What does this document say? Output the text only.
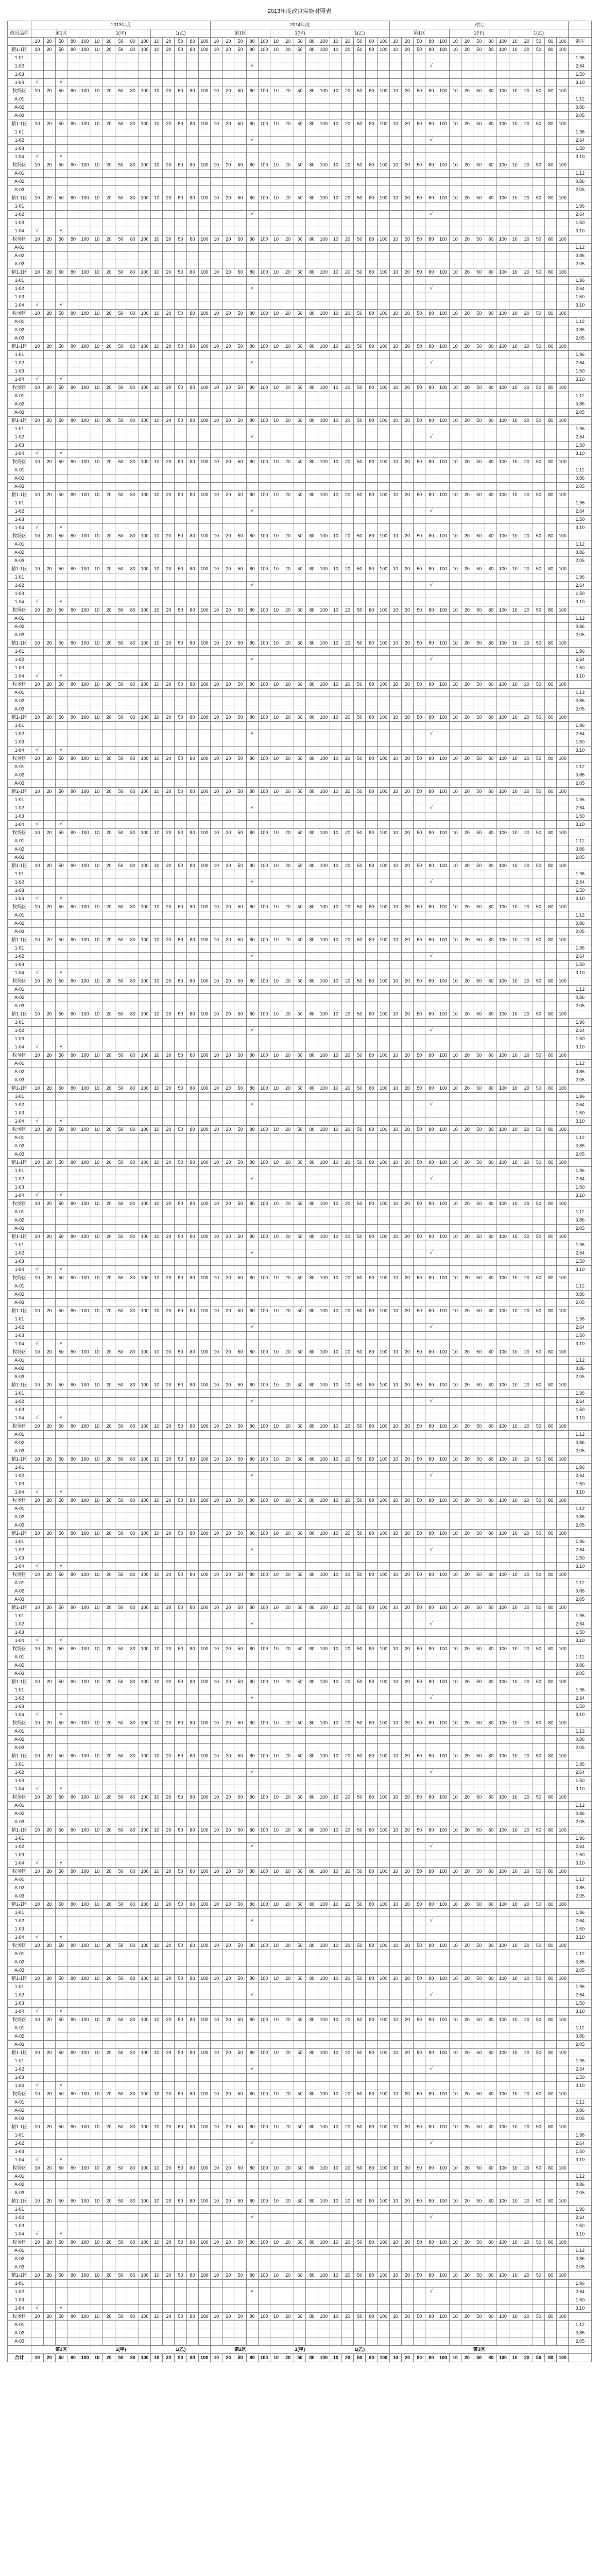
2013年度改良实施对照表
	2013年度															2014年度															对比															
改良品种	第1区					1(甲)					1(乙)					第1区					1(甲)					1(乙)					第1区					1(甲)					1(乙)					
	10	20	50	80	100	10	20	50	80	100	10	20	50	80	100	10	20	50	80	100	10	20	50	80	100	10	20	50	80	100	10	20	50	80	100	10	20	50	80	100	10	20	50	80	100	备注
精1-1区	10	20	50	80	100	10	20	50	80	100	10	20	50	80	100	10	20	50	80	100	10	20	50	80	100	10	20	50	80	100	10	20	50	80	100	10	20	50	80	100	10	20	50	80	100	
1-01																																														1.96
1-02																			√															√												2.64
1-03																																														1.50
1-04	√		√																																											3.10
牧场区	10	20	50	80	100	10	20	50	80	100	10	20	50	80	100	10	20	50	80	100	10	20	50	80	100	10	20	50	80	100	10	20	50	80	100	10	20	50	80	100	10	20	50	80	100	
A-01																																														1.12
A-02																																														0.86
A-03																																														2.05
精1-1区	10	20	50	80	100	10	20	50	80	100	10	20	50	80	100	10	20	50	80	100	10	20	50	80	100	10	20	50	80	100	10	20	50	80	100	10	20	50	80	100	10	20	50	80	100	
1-01																																														1.96
1-02																			√															√												2.64
1-03																																														1.50
1-04	√		√																																											3.10
牧场区	10	20	50	80	100	10	20	50	80	100	10	20	50	80	100	10	20	50	80	100	10	20	50	80	100	10	20	50	80	100	10	20	50	80	100	10	20	50	80	100	10	20	50	80	100	
A-01																																														1.12
A-02																																														0.86
A-03																																														2.05
精1-1区	10	20	50	80	100	10	20	50	80	100	10	20	50	80	100	10	20	50	80	100	10	20	50	80	100	10	20	50	80	100	10	20	50	80	100	10	20	50	80	100	10	20	50	80	100	
1-01																																														1.96
1-02																			√															√												2.64
1-03																																														1.50
1-04	√		√																																											3.10
牧场区	10	20	50	80	100	10	20	50	80	100	10	20	50	80	100	10	20	50	80	100	10	20	50	80	100	10	20	50	80	100	10	20	50	80	100	10	20	50	80	100	10	20	50	80	100	
A-01																																														1.12
A-02																																														0.86
A-03																																														2.05
精1-1区	10	20	50	80	100	10	20	50	80	100	10	20	50	80	100	10	20	50	80	100	10	20	50	80	100	10	20	50	80	100	10	20	50	80	100	10	20	50	80	100	10	20	50	80	100	
1-01																																														1.96
1-02																			√															√												2.64
1-03																																														1.50
1-04	√		√																																											3.10
牧场区	10	20	50	80	100	10	20	50	80	100	10	20	50	80	100	10	20	50	80	100	10	20	50	80	100	10	20	50	80	100	10	20	50	80	100	10	20	50	80	100	10	20	50	80	100	
A-01																																														1.12
A-02																																														0.86
A-03																																														2.05
精1-1区	10	20	50	80	100	10	20	50	80	100	10	20	50	80	100	10	20	50	80	100	10	20	50	80	100	10	20	50	80	100	10	20	50	80	100	10	20	50	80	100	10	20	50	80	100	
1-01																																														1.96
1-02																			√															√												2.64
1-03																																														1.50
1-04	√		√																																											3.10
牧场区	10	20	50	80	100	10	20	50	80	100	10	20	50	80	100	10	20	50	80	100	10	20	50	80	100	10	20	50	80	100	10	20	50	80	100	10	20	50	80	100	10	20	50	80	100	
A-01																																														1.12
A-02																																														0.86
A-03																																														2.05
精1-1区	10	20	50	80	100	10	20	50	80	100	10	20	50	80	100	10	20	50	80	100	10	20	50	80	100	10	20	50	80	100	10	20	50	80	100	10	20	50	80	100	10	20	50	80	100	
1-01																																														1.96
1-02																			√															√												2.64
1-03																																														1.50
1-04	√		√																																											3.10
牧场区	10	20	50	80	100	10	20	50	80	100	10	20	50	80	100	10	20	50	80	100	10	20	50	80	100	10	20	50	80	100	10	20	50	80	100	10	20	50	80	100	10	20	50	80	100	
A-01																																														1.12
A-02																																														0.86
A-03																																														2.05
精1-1区	10	20	50	80	100	10	20	50	80	100	10	20	50	80	100	10	20	50	80	100	10	20	50	80	100	10	20	50	80	100	10	20	50	80	100	10	20	50	80	100	10	20	50	80	100	
1-01																																														1.96
1-02																			√															√												2.64
1-03																																														1.50
1-04	√		√																																											3.10
牧场区	10	20	50	80	100	10	20	50	80	100	10	20	50	80	100	10	20	50	80	100	10	20	50	80	100	10	20	50	80	100	10	20	50	80	100	10	20	50	80	100	10	20	50	80	100	
A-01																																														1.12
A-02																																														0.86
A-03																																														2.05
精1-1区	10	20	50	80	100	10	20	50	80	100	10	20	50	80	100	10	20	50	80	100	10	20	50	80	100	10	20	50	80	100	10	20	50	80	100	10	20	50	80	100	10	20	50	80	100	
1-01																																														1.96
1-02																			√															√												2.64
1-03																																														1.50
1-04	√		√																																											3.10
牧场区	10	20	50	80	100	10	20	50	80	100	10	20	50	80	100	10	20	50	80	100	10	20	50	80	100	10	20	50	80	100	10	20	50	80	100	10	20	50	80	100	10	20	50	80	100	
A-01																																														1.12
A-02																																														0.86
A-03																																														2.05
精1-1区	10	20	50	80	100	10	20	50	80	100	10	20	50	80	100	10	20	50	80	100	10	20	50	80	100	10	20	50	80	100	10	20	50	80	100	10	20	50	80	100	10	20	50	80	100	
1-01																																														1.96
1-02																			√															√												2.64
1-03																																														1.50
1-04	√		√																																											3.10
牧场区	10	20	50	80	100	10	20	50	80	100	10	20	50	80	100	10	20	50	80	100	10	20	50	80	100	10	20	50	80	100	10	20	50	80	100	10	20	50	80	100	10	20	50	80	100	
A-01																																														1.12
A-02																																														0.86
A-03																																														2.05
精1-1区	10	20	50	80	100	10	20	50	80	100	10	20	50	80	100	10	20	50	80	100	10	20	50	80	100	10	20	50	80	100	10	20	50	80	100	10	20	50	80	100	10	20	50	80	100	
1-01																																														1.96
1-02																			√															√												2.64
1-03																																														1.50
1-04	√		√																																											3.10
牧场区	10	20	50	80	100	10	20	50	80	100	10	20	50	80	100	10	20	50	80	100	10	20	50	80	100	10	20	50	80	100	10	20	50	80	100	10	20	50	80	100	10	20	50	80	100	
A-01																																														1.12
A-02																																														0.86
A-03																																														2.05
精1-1区	10	20	50	80	100	10	20	50	80	100	10	20	50	80	100	10	20	50	80	100	10	20	50	80	100	10	20	50	80	100	10	20	50	80	100	10	20	50	80	100	10	20	50	80	100	
1-01																																														1.96
1-02																			√															√												2.64
1-03																																														1.50
1-04	√		√																																											3.10
牧场区	10	20	50	80	100	10	20	50	80	100	10	20	50	80	100	10	20	50	80	100	10	20	50	80	100	10	20	50	80	100	10	20	50	80	100	10	20	50	80	100	10	20	50	80	100	
A-01																																														1.12
A-02																																														0.86
A-03																																														2.05
精1-1区	10	20	50	80	100	10	20	50	80	100	10	20	50	80	100	10	20	50	80	100	10	20	50	80	100	10	20	50	80	100	10	20	50	80	100	10	20	50	80	100	10	20	50	80	100	
1-01																																														1.96
1-02																			√															√												2.64
1-03																																														1.50
1-04	√		√																																											3.10
牧场区	10	20	50	80	100	10	20	50	80	100	10	20	50	80	100	10	20	50	80	100	10	20	50	80	100	10	20	50	80	100	10	20	50	80	100	10	20	50	80	100	10	20	50	80	100	
A-01																																														1.12
A-02																																														0.86
A-03																																														2.05
精1-1区	10	20	50	80	100	10	20	50	80	100	10	20	50	80	100	10	20	50	80	100	10	20	50	80	100	10	20	50	80	100	10	20	50	80	100	10	20	50	80	100	10	20	50	80	100	
1-01																																														1.96
1-02																			√															√												2.64
1-03																																														1.50
1-04	√		√																																											3.10
牧场区	10	20	50	80	100	10	20	50	80	100	10	20	50	80	100	10	20	50	80	100	10	20	50	80	100	10	20	50	80	100	10	20	50	80	100	10	20	50	80	100	10	20	50	80	100	
A-01																																														1.12
A-02																																														0.86
A-03																																														2.05
精1-1区	10	20	50	80	100	10	20	50	80	100	10	20	50	80	100	10	20	50	80	100	10	20	50	80	100	10	20	50	80	100	10	20	50	80	100	10	20	50	80	100	10	20	50	80	100	
1-01																																														1.96
1-02																			√															√												2.64
1-03																																														1.50
1-04	√		√																																											3.10
牧场区	10	20	50	80	100	10	20	50	80	100	10	20	50	80	100	10	20	50	80	100	10	20	50	80	100	10	20	50	80	100	10	20	50	80	100	10	20	50	80	100	10	20	50	80	100	
A-01																																														1.12
A-02																																														0.86
A-03																																														2.05
精1-1区	10	20	50	80	100	10	20	50	80	100	10	20	50	80	100	10	20	50	80	100	10	20	50	80	100	10	20	50	80	100	10	20	50	80	100	10	20	50	80	100	10	20	50	80	100	
1-01																																														1.96
1-02																			√															√												2.64
1-03																																														1.50
1-04	√		√																																											3.10
牧场区	10	20	50	80	100	10	20	50	80	100	10	20	50	80	100	10	20	50	80	100	10	20	50	80	100	10	20	50	80	100	10	20	50	80	100	10	20	50	80	100	10	20	50	80	100	
A-01																																														1.12
A-02																																														0.86
A-03																																														2.05
精1-1区	10	20	50	80	100	10	20	50	80	100	10	20	50	80	100	10	20	50	80	100	10	20	50	80	100	10	20	50	80	100	10	20	50	80	100	10	20	50	80	100	10	20	50	80	100	
1-01																																														1.96
1-02																			√															√												2.64
1-03																																														1.50
1-04	√		√																																											3.10
牧场区	10	20	50	80	100	10	20	50	80	100	10	20	50	80	100	10	20	50	80	100	10	20	50	80	100	10	20	50	80	100	10	20	50	80	100	10	20	50	80	100	10	20	50	80	100	
A-01																																														1.12
A-02																																														0.86
A-03																																														2.05
精1-1区	10	20	50	80	100	10	20	50	80	100	10	20	50	80	100	10	20	50	80	100	10	20	50	80	100	10	20	50	80	100	10	20	50	80	100	10	20	50	80	100	10	20	50	80	100	
1-01																																														1.96
1-02																			√															√												2.64
1-03																																														1.50
1-04	√		√																																											3.10
牧场区	10	20	50	80	100	10	20	50	80	100	10	20	50	80	100	10	20	50	80	100	10	20	50	80	100	10	20	50	80	100	10	20	50	80	100	10	20	50	80	100	10	20	50	80	100	
A-01																																														1.12
A-02																																														0.86
A-03																																														2.05
精1-1区	10	20	50	80	100	10	20	50	80	100	10	20	50	80	100	10	20	50	80	100	10	20	50	80	100	10	20	50	80	100	10	20	50	80	100	10	20	50	80	100	10	20	50	80	100	
1-01																																														1.96
1-02																			√															√												2.64
1-03																																														1.50
1-04	√		√																																											3.10
牧场区	10	20	50	80	100	10	20	50	80	100	10	20	50	80	100	10	20	50	80	100	10	20	50	80	100	10	20	50	80	100	10	20	50	80	100	10	20	50	80	100	10	20	50	80	100	
A-01																																														1.12
A-02																																														0.86
A-03																																														2.05
精1-1区	10	20	50	80	100	10	20	50	80	100	10	20	50	80	100	10	20	50	80	100	10	20	50	80	100	10	20	50	80	100	10	20	50	80	100	10	20	50	80	100	10	20	50	80	100	
1-01																																														1.96
1-02																			√															√												2.64
1-03																																														1.50
1-04	√		√																																											3.10
牧场区	10	20	50	80	100	10	20	50	80	100	10	20	50	80	100	10	20	50	80	100	10	20	50	80	100	10	20	50	80	100	10	20	50	80	100	10	20	50	80	100	10	20	50	80	100	
A-01																																														1.12
A-02																																														0.86
A-03																																														2.05
精1-1区	10	20	50	80	100	10	20	50	80	100	10	20	50	80	100	10	20	50	80	100	10	20	50	80	100	10	20	50	80	100	10	20	50	80	100	10	20	50	80	100	10	20	50	80	100	
1-01																																														1.96
1-02																			√															√												2.64
1-03																																														1.50
1-04	√		√																																											3.10
牧场区	10	20	50	80	100	10	20	50	80	100	10	20	50	80	100	10	20	50	80	100	10	20	50	80	100	10	20	50	80	100	10	20	50	80	100	10	20	50	80	100	10	20	50	80	100	
A-01																																														1.12
A-02																																														0.86
A-03																																														2.05
精1-1区	10	20	50	80	100	10	20	50	80	100	10	20	50	80	100	10	20	50	80	100	10	20	50	80	100	10	20	50	80	100	10	20	50	80	100	10	20	50	80	100	10	20	50	80	100	
1-01																																														1.96
1-02																			√															√												2.64
1-03																																														1.50
1-04	√		√																																											3.10
牧场区	10	20	50	80	100	10	20	50	80	100	10	20	50	80	100	10	20	50	80	100	10	20	50	80	100	10	20	50	80	100	10	20	50	80	100	10	20	50	80	100	10	20	50	80	100	
A-01																																														1.12
A-02																																														0.86
A-03																																														2.05
精1-1区	10	20	50	80	100	10	20	50	80	100	10	20	50	80	100	10	20	50	80	100	10	20	50	80	100	10	20	50	80	100	10	20	50	80	100	10	20	50	80	100	10	20	50	80	100	
1-01																																														1.96
1-02																			√															√												2.64
1-03																																														1.50
1-04	√		√																																											3.10
牧场区	10	20	50	80	100	10	20	50	80	100	10	20	50	80	100	10	20	50	80	100	10	20	50	80	100	10	20	50	80	100	10	20	50	80	100	10	20	50	80	100	10	20	50	80	100	
A-01																																														1.12
A-02																																														0.86
A-03																																														2.05
精1-1区	10	20	50	80	100	10	20	50	80	100	10	20	50	80	100	10	20	50	80	100	10	20	50	80	100	10	20	50	80	100	10	20	50	80	100	10	20	50	80	100	10	20	50	80	100	
1-01																																														1.96
1-02																			√															√												2.64
1-03																																														1.50
1-04	√		√																																											3.10
牧场区	10	20	50	80	100	10	20	50	80	100	10	20	50	80	100	10	20	50	80	100	10	20	50	80	100	10	20	50	80	100	10	20	50	80	100	10	20	50	80	100	10	20	50	80	100	
A-01																																														1.12
A-02																																														0.86
A-03																																														2.05
精1-1区	10	20	50	80	100	10	20	50	80	100	10	20	50	80	100	10	20	50	80	100	10	20	50	80	100	10	20	50	80	100	10	20	50	80	100	10	20	50	80	100	10	20	50	80	100	
1-01																																														1.96
1-02																			√															√												2.64
1-03																																														1.50
1-04	√		√																																											3.10
牧场区	10	20	50	80	100	10	20	50	80	100	10	20	50	80	100	10	20	50	80	100	10	20	50	80	100	10	20	50	80	100	10	20	50	80	100	10	20	50	80	100	10	20	50	80	100	
A-01																																														1.12
A-02																																														0.86
A-03																																														2.05
精1-1区	10	20	50	80	100	10	20	50	80	100	10	20	50	80	100	10	20	50	80	100	10	20	50	80	100	10	20	50	80	100	10	20	50	80	100	10	20	50	80	100	10	20	50	80	100	
1-01																																														1.96
1-02																			√															√												2.64
1-03																																														1.50
1-04	√		√																																											3.10
牧场区	10	20	50	80	100	10	20	50	80	100	10	20	50	80	100	10	20	50	80	100	10	20	50	80	100	10	20	50	80	100	10	20	50	80	100	10	20	50	80	100	10	20	50	80	100	
A-01																																														1.12
A-02																																														0.86
A-03																																														2.05
精1-1区	10	20	50	80	100	10	20	50	80	100	10	20	50	80	100	10	20	50	80	100	10	20	50	80	100	10	20	50	80	100	10	20	50	80	100	10	20	50	80	100	10	20	50	80	100	
1-01																																														1.96
1-02																			√															√												2.64
1-03																																														1.50
1-04	√		√																																											3.10
牧场区	10	20	50	80	100	10	20	50	80	100	10	20	50	80	100	10	20	50	80	100	10	20	50	80	100	10	20	50	80	100	10	20	50	80	100	10	20	50	80	100	10	20	50	80	100	
A-01																																														1.12
A-02																																														0.86
A-03																																														2.05
精1-1区	10	20	50	80	100	10	20	50	80	100	10	20	50	80	100	10	20	50	80	100	10	20	50	80	100	10	20	50	80	100	10	20	50	80	100	10	20	50	80	100	10	20	50	80	100	
1-01																																														1.96
1-02																			√															√												2.64
1-03																																														1.50
1-04	√		√																																											3.10
牧场区	10	20	50	80	100	10	20	50	80	100	10	20	50	80	100	10	20	50	80	100	10	20	50	80	100	10	20	50	80	100	10	20	50	80	100	10	20	50	80	100	10	20	50	80	100	
A-01																																														1.12
A-02																																														0.86
A-03																																														2.05
精1-1区	10	20	50	80	100	10	20	50	80	100	10	20	50	80	100	10	20	50	80	100	10	20	50	80	100	10	20	50	80	100	10	20	50	80	100	10	20	50	80	100	10	20	50	80	100	
1-01																																														1.96
1-02																			√															√												2.64
1-03																																														1.50
1-04	√		√																																											3.10
牧场区	10	20	50	80	100	10	20	50	80	100	10	20	50	80	100	10	20	50	80	100	10	20	50	80	100	10	20	50	80	100	10	20	50	80	100	10	20	50	80	100	10	20	50	80	100	
A-01																																														1.12
A-02																																														0.86
A-03																																														2.05
精1-1区	10	20	50	80	100	10	20	50	80	100	10	20	50	80	100	10	20	50	80	100	10	20	50	80	100	10	20	50	80	100	10	20	50	80	100	10	20	50	80	100	10	20	50	80	100	
1-01																																														1.96
1-02																			√															√												2.64
1-03																																														1.50
1-04	√		√																																											3.10
牧场区	10	20	50	80	100	10	20	50	80	100	10	20	50	80	100	10	20	50	80	100	10	20	50	80	100	10	20	50	80	100	10	20	50	80	100	10	20	50	80	100	10	20	50	80	100	
A-01																																														1.12
A-02																																														0.86
A-03																																														2.05
精1-1区	10	20	50	80	100	10	20	50	80	100	10	20	50	80	100	10	20	50	80	100	10	20	50	80	100	10	20	50	80	100	10	20	50	80	100	10	20	50	80	100	10	20	50	80	100	
1-01																																														1.96
1-02																			√															√												2.64
1-03																																														1.50
1-04	√		√																																											3.10
牧场区	10	20	50	80	100	10	20	50	80	100	10	20	50	80	100	10	20	50	80	100	10	20	50	80	100	10	20	50	80	100	10	20	50	80	100	10	20	50	80	100	10	20	50	80	100	
A-01																																														1.12
A-02																																														0.86
A-03																																														2.05
精1-1区	10	20	50	80	100	10	20	50	80	100	10	20	50	80	100	10	20	50	80	100	10	20	50	80	100	10	20	50	80	100	10	20	50	80	100	10	20	50	80	100	10	20	50	80	100	
1-01																																														1.96
1-02																			√															√												2.64
1-03																																														1.50
1-04	√		√																																											3.10
牧场区	10	20	50	80	100	10	20	50	80	100	10	20	50	80	100	10	20	50	80	100	10	20	50	80	100	10	20	50	80	100	10	20	50	80	100	10	20	50	80	100	10	20	50	80	100	
A-01																																														1.12
A-02																																														0.86
A-03																																														2.05
	第1区					1(甲)					1(乙)					第2区					1(甲)					1(乙)					第3区															
合计	10	20	50	80	100	10	20	50	80	100	10	20	50	80	100	10	20	50	80	100	10	20	50	80	100	10	20	50	80	100	10	20	50	80	100	10	20	50	80	100	10	20	50	80	100	
